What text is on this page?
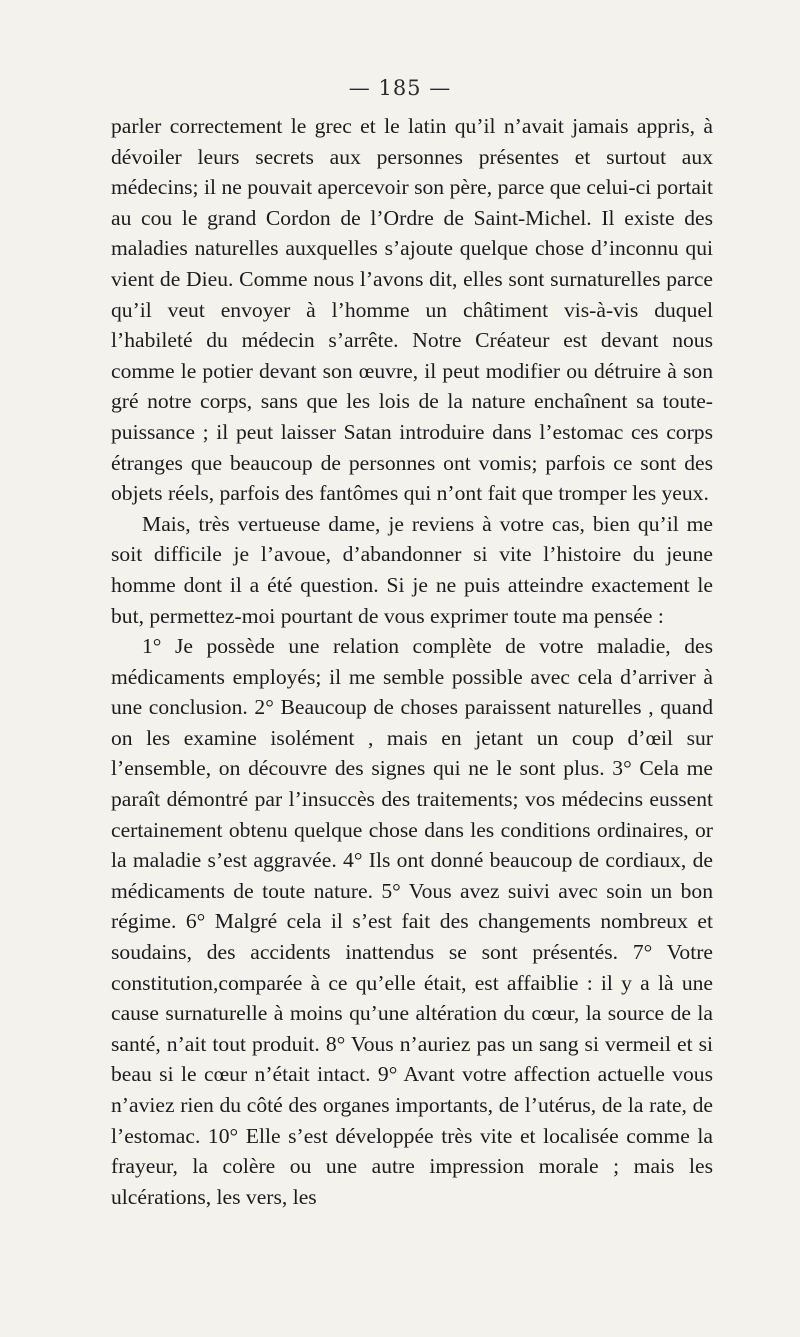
— 185 —

parler correctement le grec et le latin qu’il n’avait jamais appris, à dévoiler leurs secrets aux personnes présentes et surtout aux médecins; il ne pouvait apercevoir son père, parce que celui-ci portait au cou le grand Cordon de l’Ordre de Saint-Michel. Il existe des maladies naturelles auxquelles s’ajoute quelque chose d’inconnu qui vient de Dieu. Comme nous l’avons dit, elles sont surnaturelles parce qu’il veut envoyer à l’homme un châtiment vis-à-vis duquel l’habileté du médecin s’arrête. Notre Créateur est devant nous comme le potier devant son œuvre, il peut modifier ou détruire à son gré notre corps, sans que les lois de la nature enchaînent sa toute-puissance ; il peut laisser Satan introduire dans l’estomac ces corps étranges que beaucoup de personnes ont vomis; parfois ce sont des objets réels, parfois des fantômes qui n’ont fait que tromper les yeux.

Mais, très vertueuse dame, je reviens à votre cas, bien qu’il me soit difficile je l’avoue, d’abandonner si vite l’histoire du jeune homme dont il a été question. Si je ne puis atteindre exactement le but, permettez-moi pourtant de vous exprimer toute ma pensée :

1° Je possède une relation complète de votre maladie, des médicaments employés; il me semble possible avec cela d’arriver à une conclusion. 2° Beaucoup de choses paraissent naturelles , quand on les examine isolément , mais en jetant un coup d’œil sur l’ensemble, on découvre des signes qui ne le sont plus. 3° Cela me paraît démontré par l’insuccès des traitements; vos médecins eussent certainement obtenu quelque chose dans les conditions ordinaires, or la maladie s’est aggravée. 4° Ils ont donné beaucoup de cordiaux, de médicaments de toute nature. 5° Vous avez suivi avec soin un bon régime. 6° Malgré cela il s’est fait des changements nombreux et soudains, des accidents inattendus se sont présentés. 7° Votre constitution,comparée à ce qu’elle était, est affaiblie : il y a là une cause surnaturelle à moins qu’une altération du cœur, la source de la santé, n’ait tout produit. 8° Vous n’auriez pas un sang si vermeil et si beau si le cœur n’était intact. 9° Avant votre affection actuelle vous n’aviez rien du côté des organes importants, de l’utérus, de la rate, de l’estomac. 10° Elle s’est développée très vite et localisée comme la frayeur, la colère ou une autre impression morale ; mais les ulcérations, les vers, les
